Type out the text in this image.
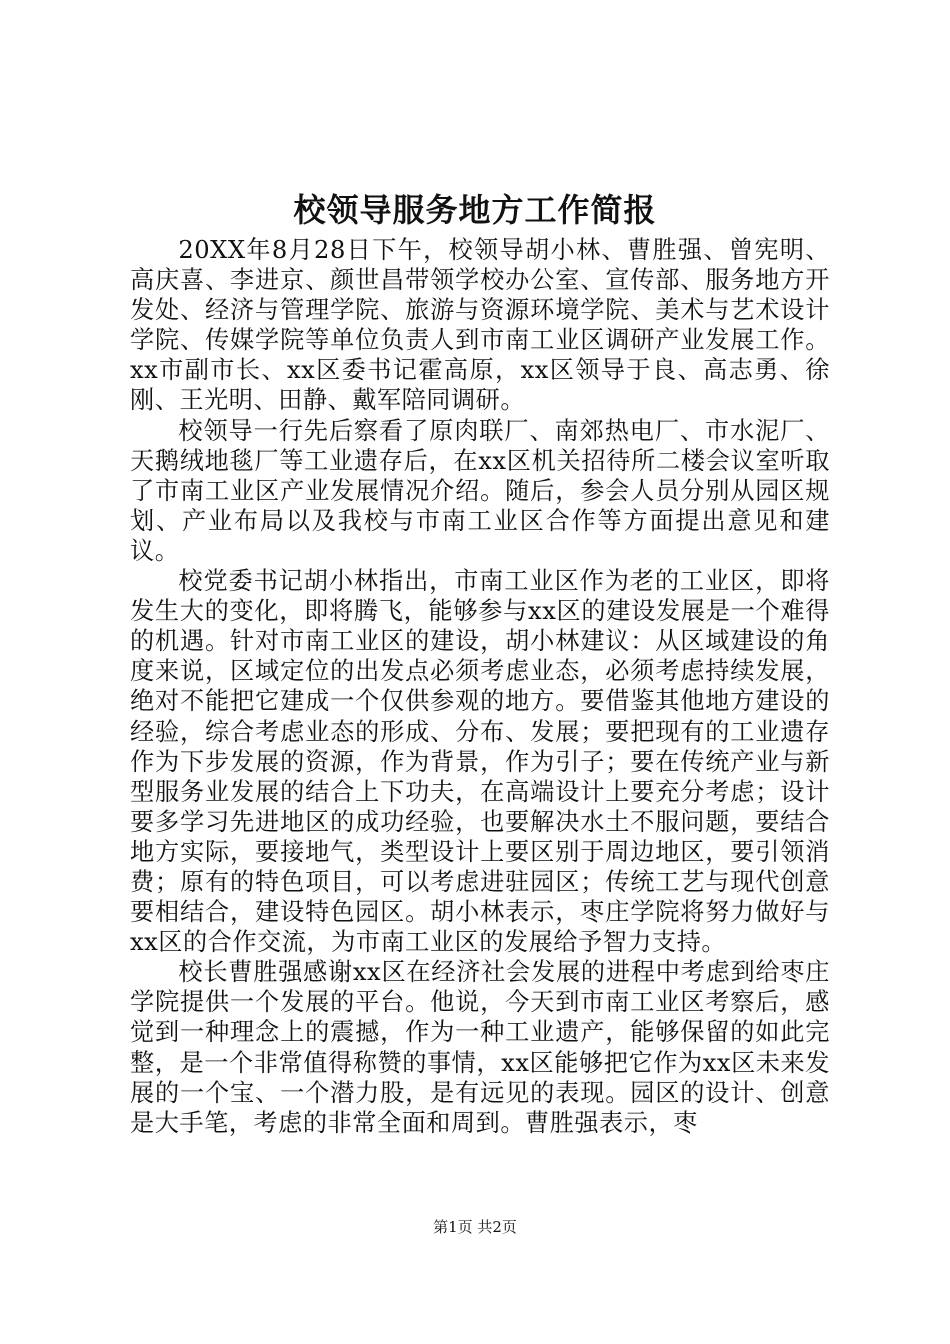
校领导服务地方工作简报

20XX年8月28日下午，校领导胡小林、曹胜强、曾宪明、高庆喜、李进京、颜世昌带领学校办公室、宣传部、服务地方开发处、经济与管理学院、旅游与资源环境学院、美术与艺术设计学院、传媒学院等单位负责人到市南工业区调研产业发展工作。xx市副市长、xx区委书记霍高原，xx区领导于良、高志勇、徐刚、王光明、田静、戴军陪同调研。

校领导一行先后察看了原肉联厂、南郊热电厂、市水泥厂、天鹅绒地毯厂等工业遗存后，在xx区机关招待所二楼会议室听取了市南工业区产业发展情况介绍。随后，参会人员分别从园区规划、产业布局以及我校与市南工业区合作等方面提出意见和建议。

校党委书记胡小林指出，市南工业区作为老的工业区，即将发生大的变化，即将腾飞，能够参与xx区的建设发展是一个难得的机遇。针对市南工业区的建设，胡小林建议：从区域建设的角度来说，区域定位的出发点必须考虑业态，必须考虑持续发展，绝对不能把它建成一个仅供参观的地方。要借鉴其他地方建设的经验，综合考虑业态的形成、分布、发展；要把现有的工业遗存作为下步发展的资源，作为背景，作为引子；要在传统产业与新型服务业发展的结合上下功夫，在高端设计上要充分考虑；设计要多学习先进地区的成功经验，也要解决水土不服问题，要结合地方实际，要接地气，类型设计上要区别于周边地区，要引领消费；原有的特色项目，可以考虑进驻园区；传统工艺与现代创意要相结合，建设特色园区。胡小林表示，枣庄学院将努力做好与xx区的合作交流，为市南工业区的发展给予智力支持。

校长曹胜强感谢xx区在经济社会发展的进程中考虑到给枣庄学院提供一个发展的平台。他说，今天到市南工业区考察后，感觉到一种理念上的震撼，作为一种工业遗产，能够保留的如此完整，是一个非常值得称赞的事情，xx区能够把它作为xx区未来发展的一个宝、一个潜力股，是有远见的表现。园区的设计、创意是大手笔，考虑的非常全面和周到。曹胜强表示，枣

第1页 共2页
